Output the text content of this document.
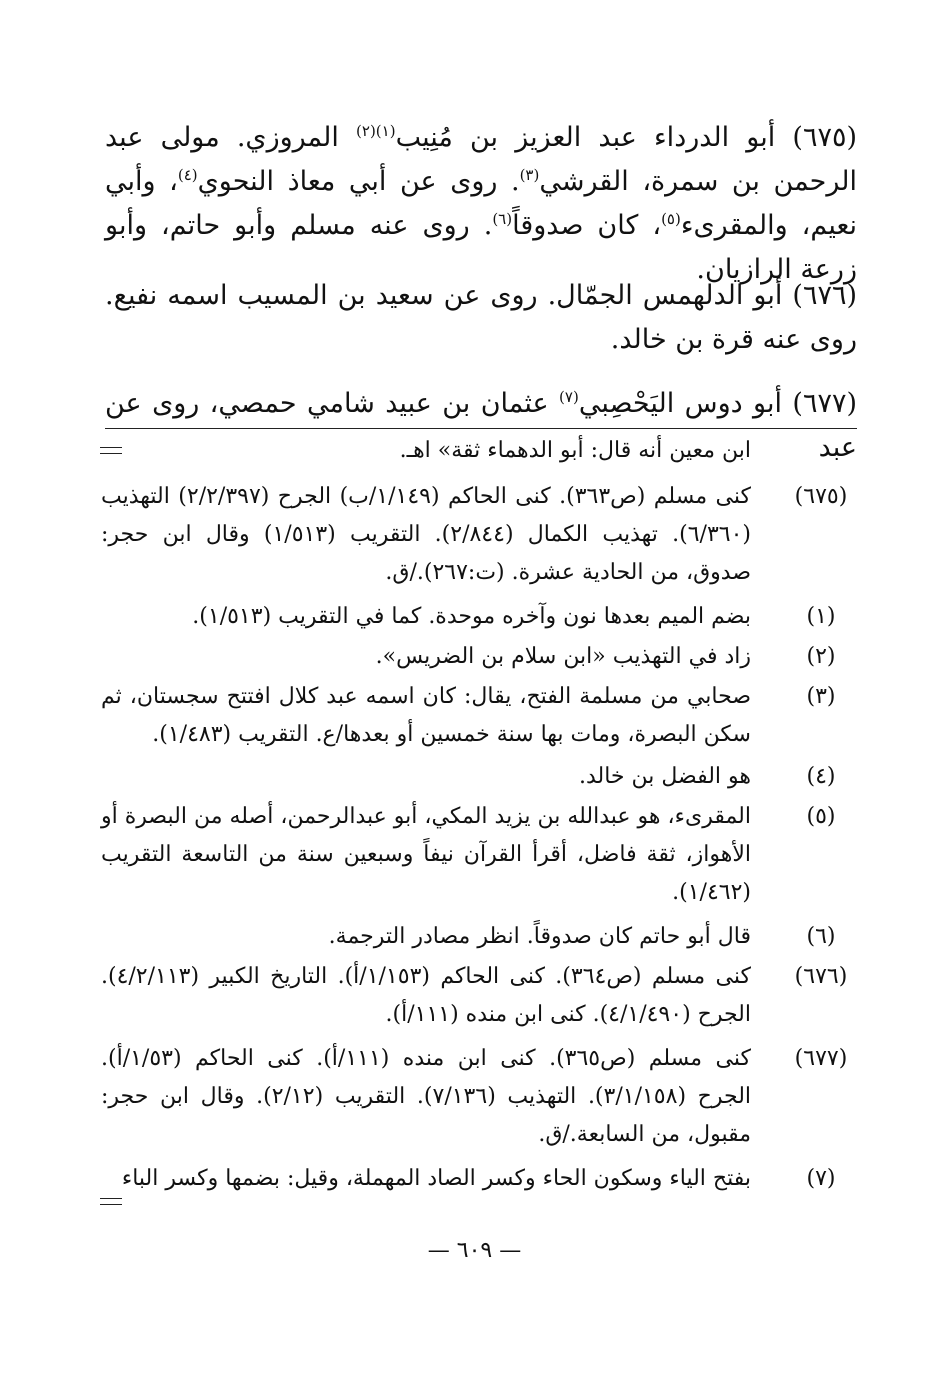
(٦٧٥) أبو الدرداء عبد العزيز بن مُنِيب$^{(١)(٢)}$ المروزي. مولى عبد الرحمن بن سمرة، القرشي$^{(٣)}$. روى عن أبي معاذ النحوي$^{(٤)}$، وأبي نعيم، والمقرىء$^{(٥)}$، كان صدوقاً$^{(٦)}$. روى عنه مسلم وأبو حاتم، وأبو زرعة الرازيان.
(٦٧٦) أبو الدلهمس الجمّال. روى عن سعيد بن المسيب اسمه نفيع. روى عنه قرة بن خالد.
(٦٧٧) أبو دوس اليَحْصِبي$^{(٧)}$ عثمان بن عبيد شامي حمصي، روى عن عبد
ابن معين أنه قال: أبو الدهماء ثقة» اهـ.
(٦٧٥)
كنى مسلم (ص٣٦٣). كنى الحاكم (١/١٤٩/ب) الجرح (٢/٢/٣٩٧) التهذيب (٦/٣٦٠). تهذيب الكمال (٢/٨٤٤). التقريب (١/٥١٣) وقال ابن حجر: صدوق، من الحادية عشرة. (ت:٢٦٧)./ق.
(١)
بضم الميم بعدها نون وآخره موحدة. كما في التقريب (١/٥١٣).
(٢)
زاد في التهذيب «ابن سلام بن الضريس».
(٣)
صحابي من مسلمة الفتح، يقال: كان اسمه عبد كلال افتتح سجستان، ثم سكن البصرة، ومات بها سنة خمسين أو بعدها/ع. التقريب (١/٤٨٣).
(٤)
هو الفضل بن خالد.
(٥)
المقرىء، هو عبدالله بن يزيد المكي، أبو عبدالرحمن، أصله من البصرة أو الأهواز، ثقة فاضل، أقرأ القرآن نيفاً وسبعين سنة من التاسعة التقريب (١/٤٦٢).
(٦)
قال أبو حاتم كان صدوقاً. انظر مصادر الترجمة.
(٦٧٦)
كنى مسلم (ص٣٦٤). كنى الحاكم (١/١٥٣/أ). التاريخ الكبير (٤/٢/١١٣). الجرح (٤/١/٤٩٠). كنى ابن منده (١١١/أ).
(٦٧٧)
كنى مسلم (ص٣٦٥). كنى ابن منده (١١١/أ). كنى الحاكم (١/٥٣/أ). الجرح (٣/١/١٥٨). التهذيب (٧/١٣٦). التقريب (٢/١٢). وقال ابن حجر: مقبول، من السابعة./ق.
(٧)
بفتح الياء وسكون الحاء وكسر الصاد المهملة، وقيل: بضمها وكسر الباء
— ٦٠٩ —
